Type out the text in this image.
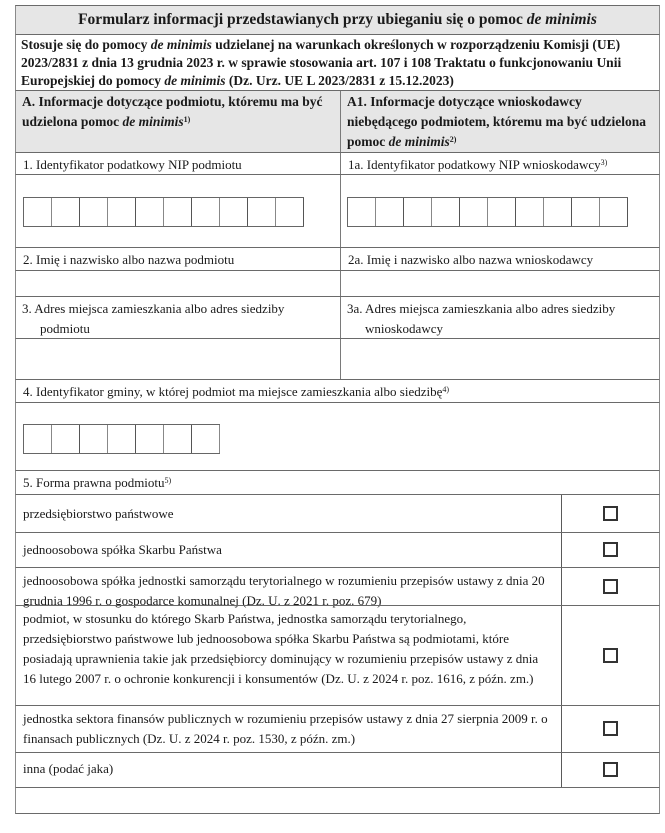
Formularz informacji przedstawianych przy ubieganiu się o pomoc de minimis
Stosuje się do pomocy de minimis udzielanej na warunkach określonych w rozporządzeniu Komisji (UE) 2023/2831 z dnia 13 grudnia 2023 r. w sprawie stosowania art. 107 i 108 Traktatu o funkcjonowaniu Unii Europejskiej do pomocy de minimis (Dz. Urz. UE L 2023/2831 z 15.12.2023)
A. Informacje dotyczące podmiotu, któremu ma być udzielona pomoc de minimis$^{1)}$
A1. Informacje dotyczące wnioskodawcy niebędącego podmiotem, któremu ma być udzielona pomoc de minimis$^{2)}$
1. Identyfikator podatkowy NIP podmiotu	1a. Identyfikator podatkowy NIP wnioskodawcy$^{3)}$
2. Imię i nazwisko albo nazwa podmiotu	2a. Imię i nazwisko albo nazwa wnioskodawcy
3. Adres miejsca zamieszkania albo adres siedziby podmiotu
3a. Adres miejsca zamieszkania albo adres siedziby wnioskodawcy
4. Identyfikator gminy, w której podmiot ma miejsce zamieszkania albo siedzibę$^{4)}$
5. Forma prawna podmiotu$^{5)}$
przedsiębiorstwo państwowe
jednoosobowa spółka Skarbu Państwa
jednoosobowa spółka jednostki samorządu terytorialnego w rozumieniu przepisów ustawy z dnia 20 grudnia 1996 r. o gospodarce komunalnej (Dz. U. z 2021 r. poz. 679)
podmiot, w stosunku do którego Skarb Państwa, jednostka samorządu terytorialnego, przedsiębiorstwo państwowe lub jednoosobowa spółka Skarbu Państwa są podmiotami, które posiadają uprawnienia takie jak przedsiębiorcy dominujący w rozumieniu przepisów ustawy z dnia 16 lutego 2007 r. o ochronie konkurencji i konsumentów (Dz. U. z 2024 r. poz. 1616, z późn. zm.)
jednostka sektora finansów publicznych w rozumieniu przepisów ustawy z dnia 27 sierpnia 2009 r. o finansach publicznych (Dz. U. z 2024 r. poz. 1530, z późn. zm.)
inna (podać jaka)
